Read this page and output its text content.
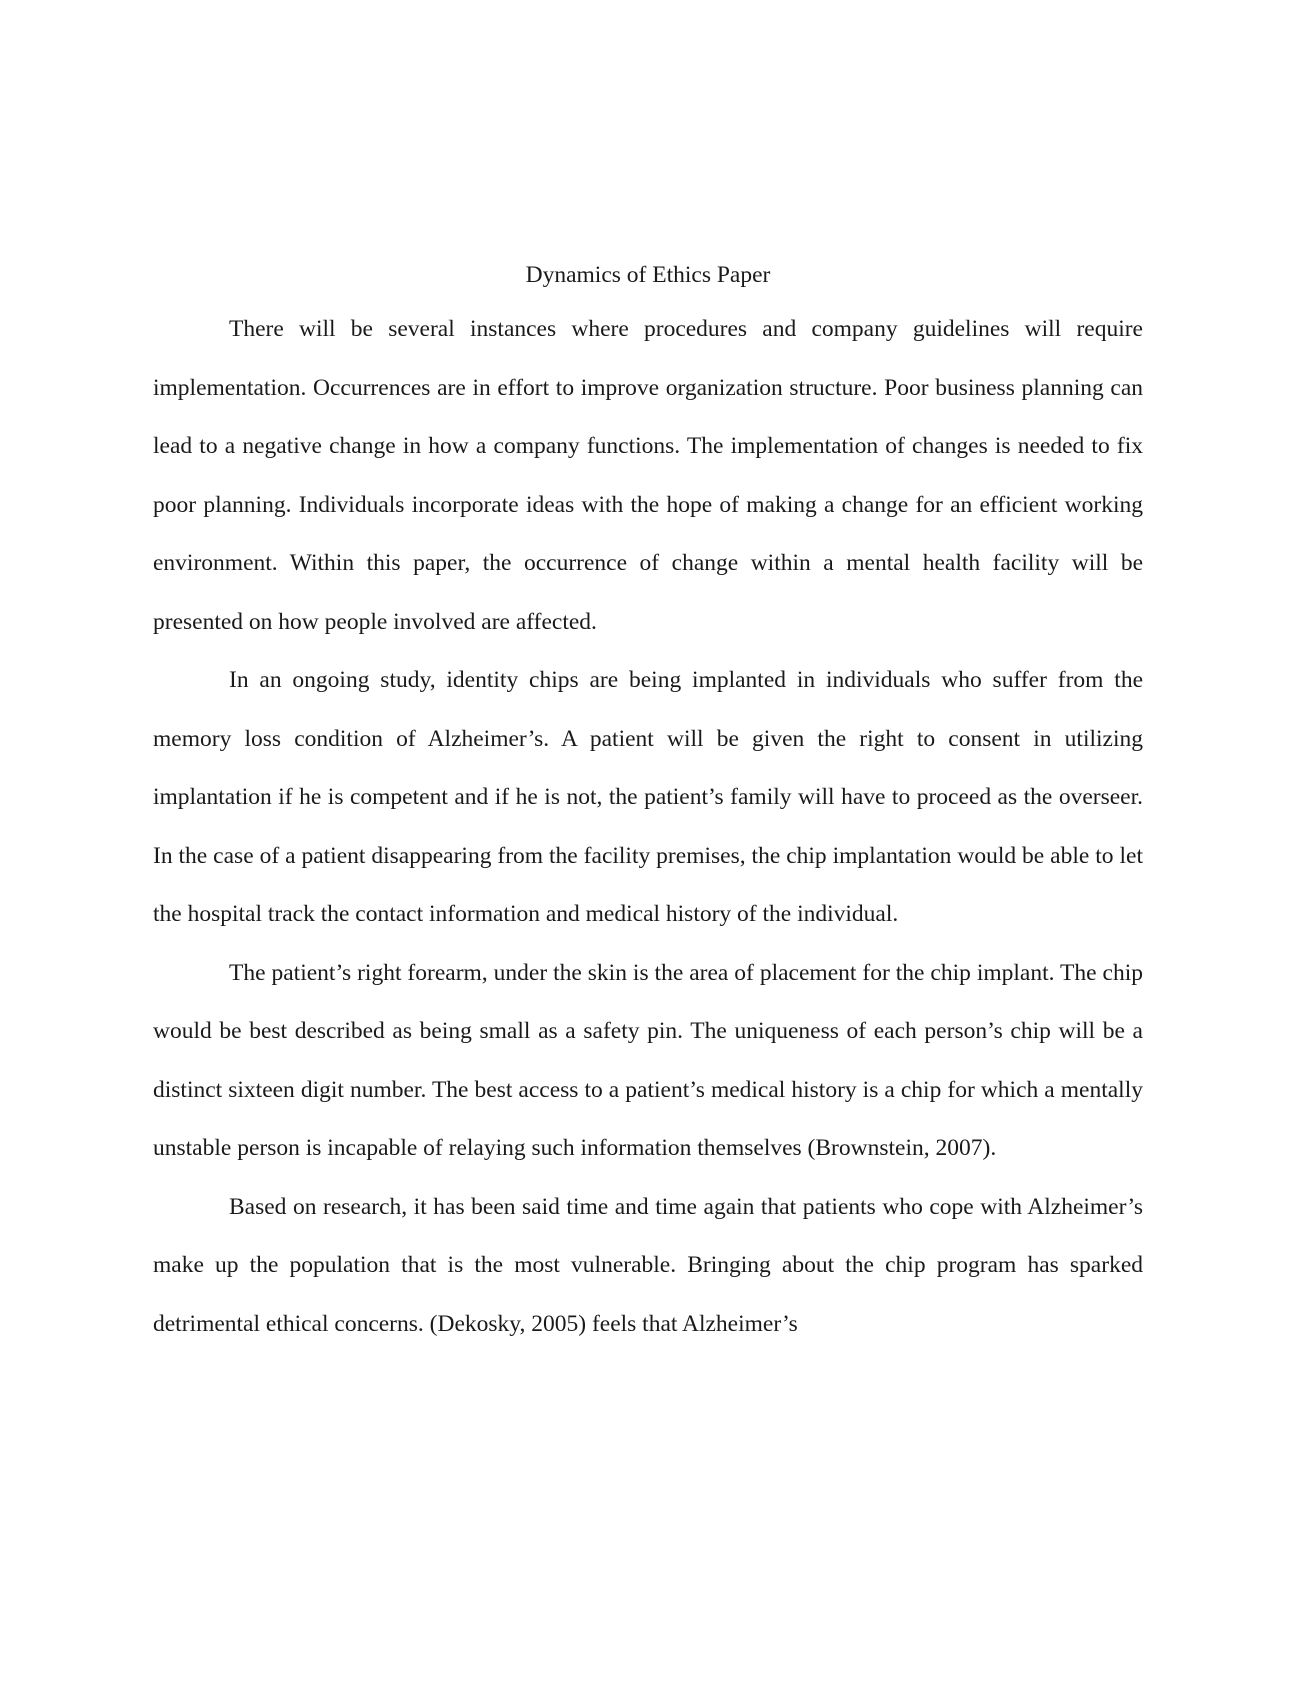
Dynamics of Ethics Paper

There will be several instances where procedures and company guidelines will require implementation. Occurrences are in effort to improve organization structure. Poor business planning can lead to a negative change in how a company functions. The implementation of changes is needed to fix poor planning. Individuals incorporate ideas with the hope of making a change for an efficient working environment. Within this paper, the occurrence of change within a mental health facility will be presented on how people involved are affected.

In an ongoing study, identity chips are being implanted in individuals who suffer from the memory loss condition of Alzheimer’s. A patient will be given the right to consent in utilizing implantation if he is competent and if he is not, the patient’s family will have to proceed as the overseer. In the case of a patient disappearing from the facility premises, the chip implantation would be able to let the hospital track the contact information and medical history of the individual.

The patient’s right forearm, under the skin is the area of placement for the chip implant. The chip would be best described as being small as a safety pin. The uniqueness of each person’s chip will be a distinct sixteen digit number. The best access to a patient’s medical history is a chip for which a mentally unstable person is incapable of relaying such information themselves (Brownstein, 2007).

Based on research, it has been said time and time again that patients who cope with Alzheimer’s make up the population that is the most vulnerable. Bringing about the chip program has sparked detrimental ethical concerns. (Dekosky, 2005) feels that Alzheimer’s
